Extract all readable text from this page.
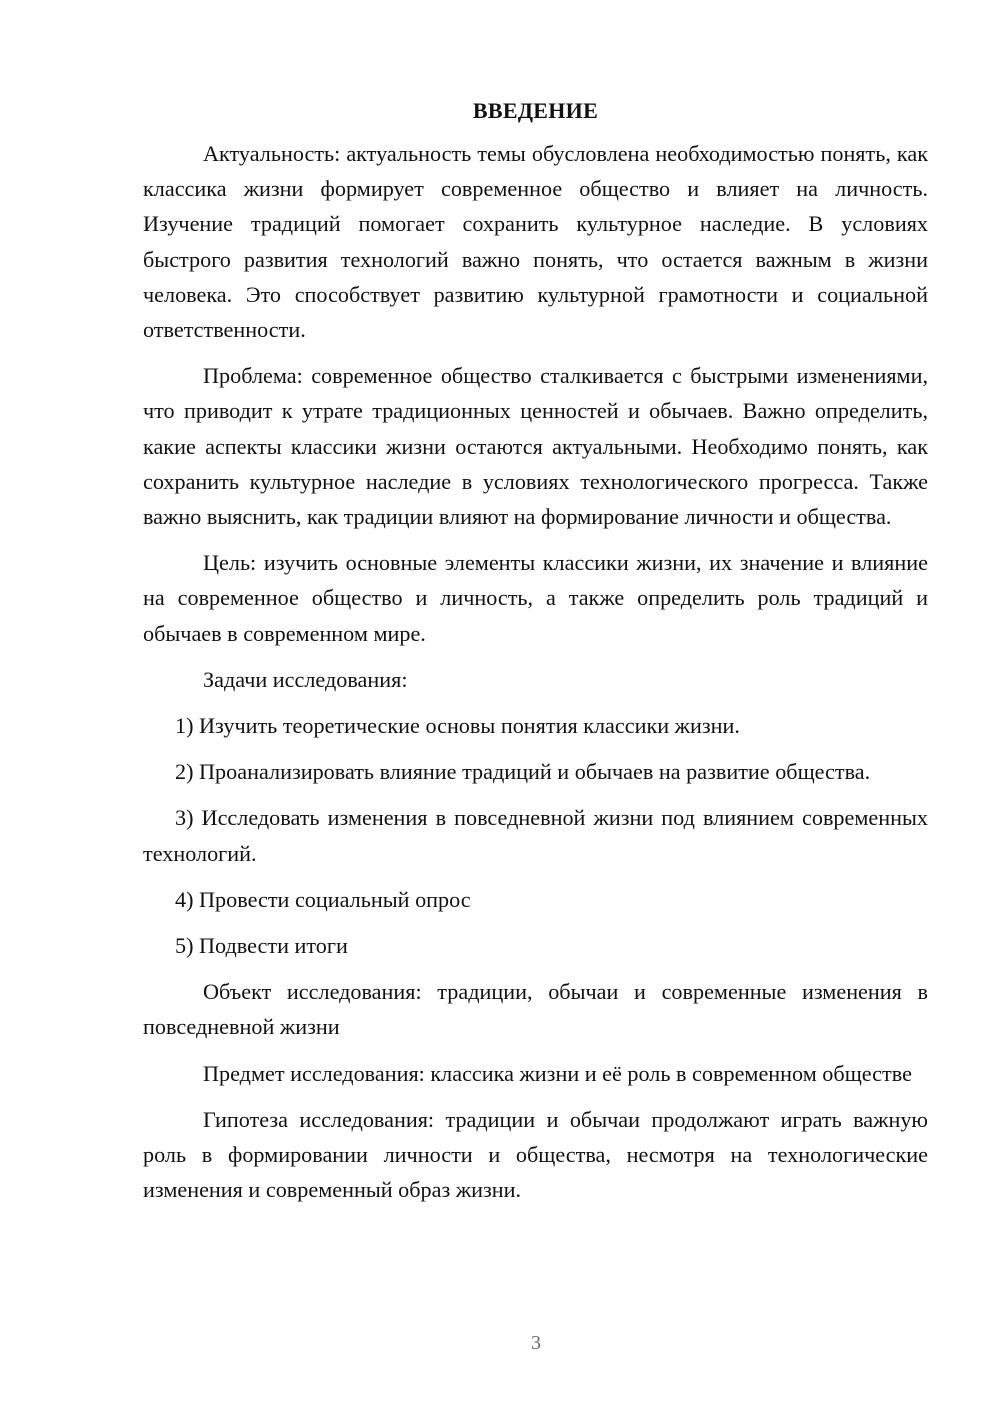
ВВЕДЕНИЕ

Актуальность: актуальность темы обусловлена необходимостью понять, как классика жизни формирует современное общество и влияет на личность. Изучение традиций помогает сохранить культурное наследие. В условиях быстрого развития технологий важно понять, что остается важным в жизни человека. Это способствует развитию культурной грамотности и социальной ответственности.

Проблема: современное общество сталкивается с быстрыми изменениями, что приводит к утрате традиционных ценностей и обычаев. Важно определить, какие аспекты классики жизни остаются актуальными. Необходимо понять, как сохранить культурное наследие в условиях технологического прогресса. Также важно выяснить, как традиции влияют на формирование личности и общества.

Цель: изучить основные элементы классики жизни, их значение и влияние на современное общество и личность, а также определить роль традиций и обычаев в современном мире.

Задачи исследования:

1) Изучить теоретические основы понятия классики жизни.

2) Проанализировать влияние традиций и обычаев на развитие общества.

3) Исследовать изменения в повседневной жизни под влиянием современных технологий.

4) Провести социальный опрос

5) Подвести итоги

Объект исследования: традиции, обычаи и современные изменения в повседневной жизни

Предмет исследования: классика жизни и её роль в современном обществе

Гипотеза исследования: традиции и обычаи продолжают играть важную роль в формировании личности и общества, несмотря на технологические изменения и современный образ жизни.

3
